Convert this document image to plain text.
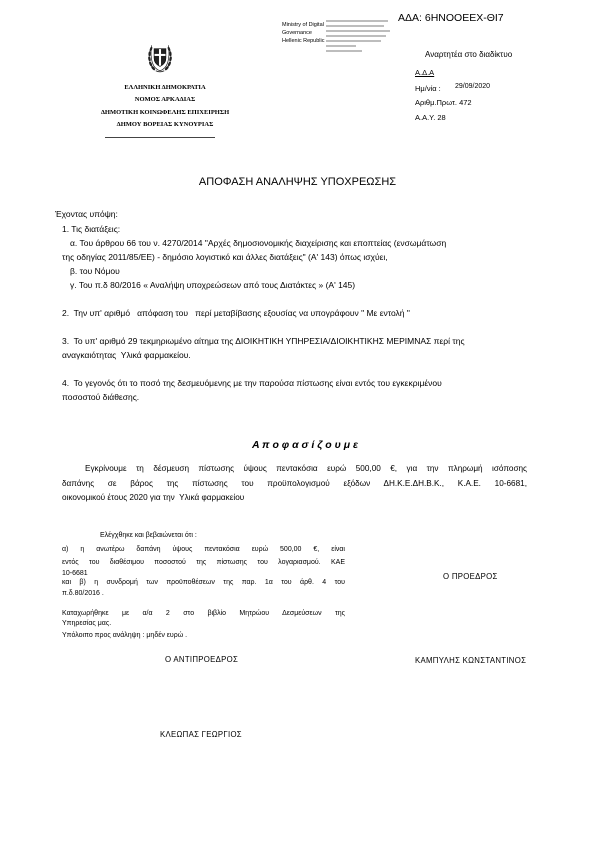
ΑΔΑ: 6ΗΝΟΟΕΕΧ-ΘΙ7
Ministry of Digital
Governance
Hellenic Republic
Αναρτητέα στο διαδίκτυο
Α.Δ.Α
Ημ/νία : 29/09/2020
Αριθμ.Πρωτ. 472
Α.Α.Υ. 28
ΕΛΛΗΝΙΚΗ ΔΗΜΟΚΡΑΤΙΑ
ΝΟΜΟΣ ΑΡΚΑΔΙΑΣ
ΔΗΜΟΤΙΚΗ ΚΟΙΝΩΦΕΛΗΣ ΕΠΙΧΕΙΡΗΣΗ
ΔΗΜΟΥ ΒΟΡΕΙΑΣ ΚΥΝΟΥΡΙΑΣ
ΑΠΟΦΑΣΗ ΑΝΑΛΗΨΗΣ ΥΠΟΧΡΕΩΣΗΣ
Έχοντας υπόψη:
1. Τις διατάξεις:
α. Του άρθρου 66 του ν. 4270/2014 "Αρχές δημοσιονομικής διαχείρισης και εποπτείας (ενσωμάτωση
της οδηγίας 2011/85/ΕΕ) - δημόσιο λογιστικό και άλλες διατάξεις" (Α' 143) όπως ισχύει,
β. του Νόμου
γ. Του π.δ 80/2016 « Αναλήψη υποχρεώσεων από τους Διατάκτες » (Α' 145)
2.  Την υπ' αριθμό   απόφαση του   περί μεταβίβασης εξουσίας να υπογράφουν " Με εντολή "
3.  Το υπ' αριθμό 29 τεκμηριωμένο αίτημα της ΔΙΟΙΚΗΤΙΚΗ ΥΠΗΡΕΣΙΑ/ΔΙΟΙΚΗΤΙΚΗΣ ΜΕΡΙΜΝΑΣ περί της
αναγκαιότητας  Υλικά φαρμακείου.
4.  Το γεγονός ότι το ποσό της δεσμευόμενης με την παρούσα πίστωσης είναι εντός του εγκεκριμένου
ποσοστού διάθεσης.
Α π ο φ α σ ί ζ ο υ μ ε
Εγκρίνουμε τη δέσμευση πίστωσης ύψους πεντακόσια ευρώ 500,00 €, για την πληρωμή ισόποσης
δαπάνης σε βάρος της πίστωσης του προϋπολογισμού εξόδων ΔΗ.Κ.Ε.ΔΗ.Β.Κ., Κ.Α.Ε. 10-6681,
οικονομικού έτους 2020 για την  Υλικά φαρμακείου
Ελέγχθηκε και βεβαιώνεται ότι :
α) η ανωτέρω δαπάνη ύψους πεντακόσια ευρώ 500,00 €, είναι
εντός του διαθέσιμου ποσοστού της πίστωσης του λογαριασμού. ΚΑΕ
10-6681
και β) η συνδρομή των προϋποθέσεων της παρ. 1α του άρθ. 4 του
π.δ.80/2016 .
Καταχωρήθηκε με α/α 2 στο βιβλίο Μητρώου Δεσμεύσεων της
Υπηρεσίας μας.
Υπόλοιπο προς ανάληψη : μηδέν ευρώ .
Ο ΠΡΟΕΔΡΟΣ
ΚΑΜΠΥΛΗΣ ΚΩΝΣΤΑΝΤΙΝΟΣ
Ο ΑΝΤΙΠΡΟΕΔΡΟΣ
ΚΛΕΩΠΑΣ ΓΕΩΡΓΙΟΣ
